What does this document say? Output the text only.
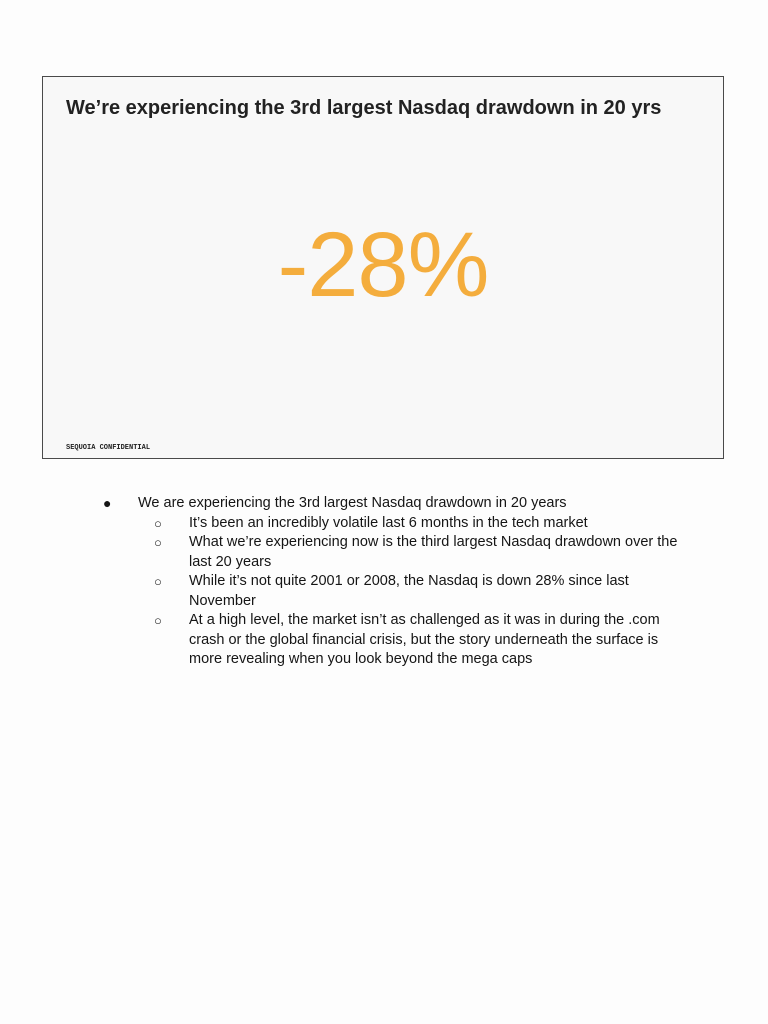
We’re experiencing the 3rd largest Nasdaq drawdown in 20 yrs
-28%
SEQUOIA CONFIDENTIAL
● We are experiencing the 3rd largest Nasdaq drawdown in 20 years
○ It’s been an incredibly volatile last 6 months in the tech market
○ What we’re experiencing now is the third largest Nasdaq drawdown over the last 20 years
○ While it’s not quite 2001 or 2008, the Nasdaq is down 28% since last November
○ At a high level, the market isn’t as challenged as it was in during the .com crash or the global financial crisis, but the story underneath the surface is more revealing when you look beyond the mega caps
